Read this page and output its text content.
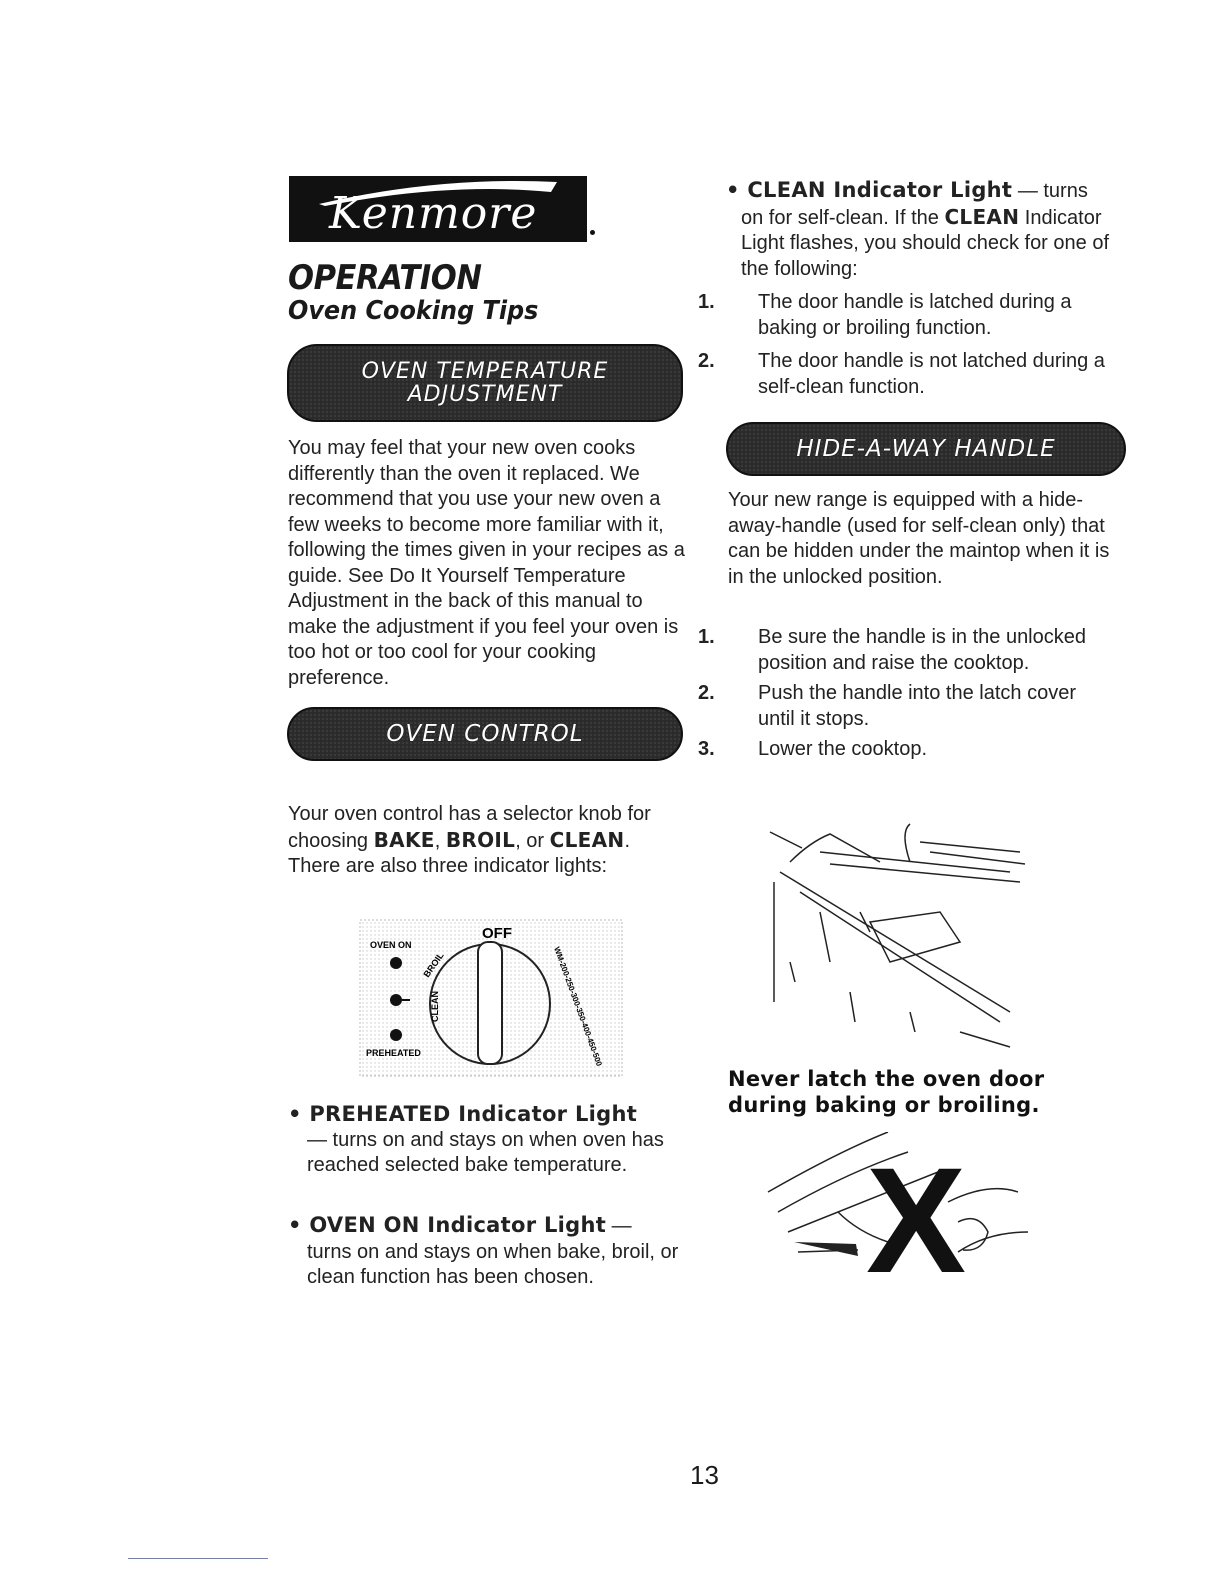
Kenmore
OPERATION
Oven Cooking Tips
OVEN TEMPERATURE
ADJUSTMENT
You may feel that your new oven cooks differently than the oven it replaced. We recommend that you use your new oven a few weeks to become more familiar with it, following the times given in your recipes as a guide. See Do It Yourself Temperature Adjustment in the back of this manual to make the adjustment if you feel your oven is too hot or too cool for your cooking preference.
OVEN CONTROL
Your oven control has a selector knob for choosing BAKE, BROIL, or CLEAN. There are also three indicator lights:
OFF
OVEN ON
PREHEATED
BROIL
CLEAN	WM-200-250-300-350-400-450-500
• PREHEATED Indicator Light
— turns on and stays on when oven has reached selected bake temperature.
• OVEN ON Indicator Light —
turns on and stays on when bake, broil, or clean function has been chosen.
• CLEAN Indicator Light — turns
on for self-clean. If the CLEAN Indicator Light flashes, you should check for one of the following:
1. The door handle is latched during a baking or broiling function.
2. The door handle is not latched during a self-clean function.
HIDE-A-WAY HANDLE
Your new range is equipped with a hide-away-handle (used for self-clean only) that can be hidden under the maintop when it is in the unlocked position.
1. Be sure the handle is in the unlocked position and raise the cooktop.
2. Push the handle into the latch cover until it stops.
3. Lower the cooktop.
Never latch the oven door during baking or broiling.
X
13
